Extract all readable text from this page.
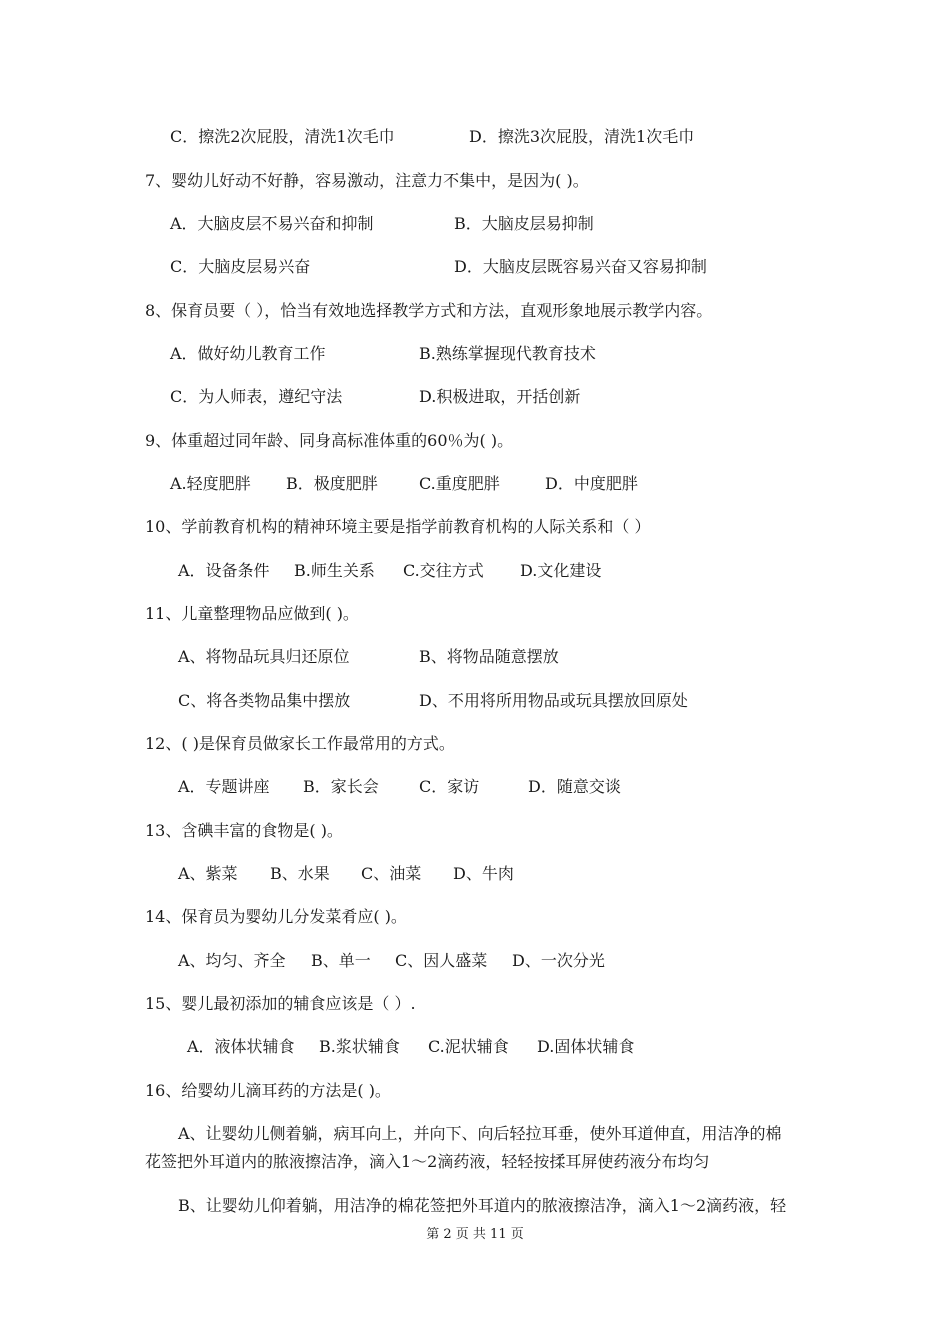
C．擦洗2次屁股，清洗1次毛巾	D．擦洗3次屁股，清洗1次毛巾
7、婴幼儿好动不好静，容易激动，注意力不集中，是因为( )。
A．大脑皮层不易兴奋和抑制	B．大脑皮层易抑制
C．大脑皮层易兴奋	D．大脑皮层既容易兴奋又容易抑制
8、保育员要（ ），恰当有效地选择教学方式和方法，直观形象地展示教学内容。
A．做好幼儿教育工作	B.熟练掌握现代教育技术
C．为人师表，遵纪守法	D.积极进取，开括创新
9、体重超过同年龄、同身高标准体重的60％为( )。
A.轻度肥胖 B．极度肥胖	C.重度肥胖	D．中度肥胖
10、学前教育机构的精神环境主要是指学前教育机构的人际关系和（ ）
A．设备条件 B.师生关系 C.交往方式 D.文化建设
11、儿童整理物品应做到( )。
A、将物品玩具归还原位	B、将物品随意摆放
C、将各类物品集中摆放	D、不用将所用物品或玩具摆放回原处
12、( )是保育员做家长工作最常用的方式。
A．专题讲座 B．家长会	C．家访	D．随意交谈
13、含碘丰富的食物是( )。
A、紫菜 B、水果 C、油菜 D、牛肉
14、保育员为婴幼儿分发菜肴应( )。
A、均匀、齐全 B、单一 C、因人盛菜 D、一次分光
15、婴儿最初添加的辅食应该是（ ）.
A．液体状辅食 B.浆状辅食 C.泥状辅食 D.固体状辅食
16、给婴幼儿滴耳药的方法是( )。
A、让婴幼儿侧着躺，病耳向上，并向下、向后轻拉耳垂，使外耳道伸直，用洁净的棉
花签把外耳道内的脓液擦洁净，滴入1～2滴药液，轻轻按揉耳屏使药液分布均匀
B、让婴幼儿仰着躺，用洁净的棉花签把外耳道内的脓液擦洁净，滴入1～2滴药液，轻
第 2 页 共 11 页
